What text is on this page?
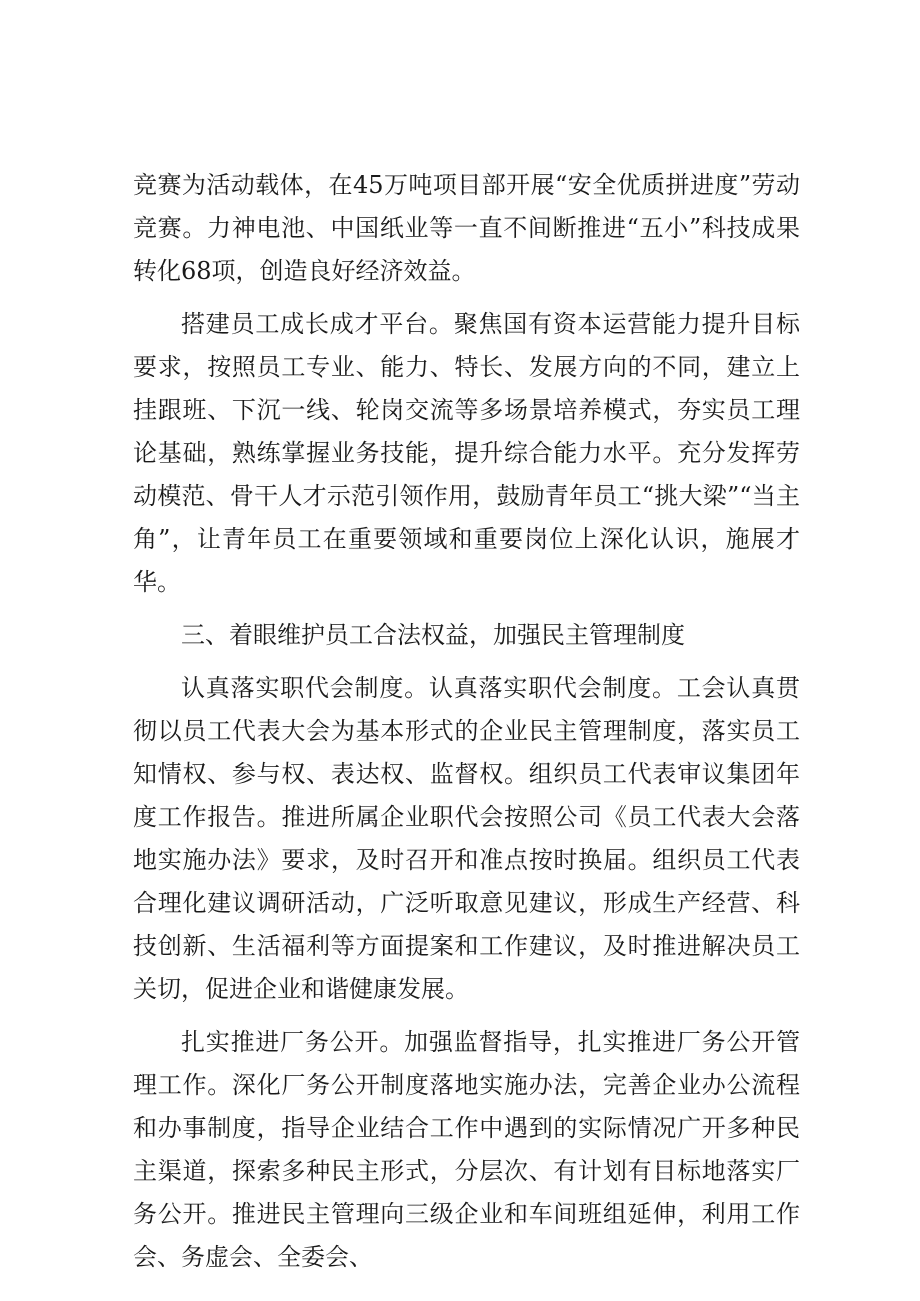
竞赛为活动载体，在45万吨项目部开展“安全优质拼进度”劳动竞赛。力神电池、中国纸业等一直不间断推进“五小”科技成果转化68项，创造良好经济效益。

搭建员工成长成才平台。聚焦国有资本运营能力提升目标要求，按照员工专业、能力、特长、发展方向的不同，建立上挂跟班、下沉一线、轮岗交流等多场景培养模式，夯实员工理论基础，熟练掌握业务技能，提升综合能力水平。充分发挥劳动模范、骨干人才示范引领作用，鼓励青年员工“挑大梁”“当主角”，让青年员工在重要领域和重要岗位上深化认识，施展才华。

三、着眼维护员工合法权益，加强民主管理制度

认真落实职代会制度。认真落实职代会制度。工会认真贯彻以员工代表大会为基本形式的企业民主管理制度，落实员工知情权、参与权、表达权、监督权。组织员工代表审议集团年度工作报告。推进所属企业职代会按照公司《员工代表大会落地实施办法》要求，及时召开和准点按时换届。组织员工代表合理化建议调研活动，广泛听取意见建议，形成生产经营、科技创新、生活福利等方面提案和工作建议，及时推进解决员工关切，促进企业和谐健康发展。

扎实推进厂务公开。加强监督指导，扎实推进厂务公开管理工作。深化厂务公开制度落地实施办法，完善企业办公流程和办事制度，指导企业结合工作中遇到的实际情况广开多种民主渠道，探索多种民主形式，分层次、有计划有目标地落实厂务公开。推进民主管理向三级企业和车间班组延伸，利用工作会、务虚会、全委会、
